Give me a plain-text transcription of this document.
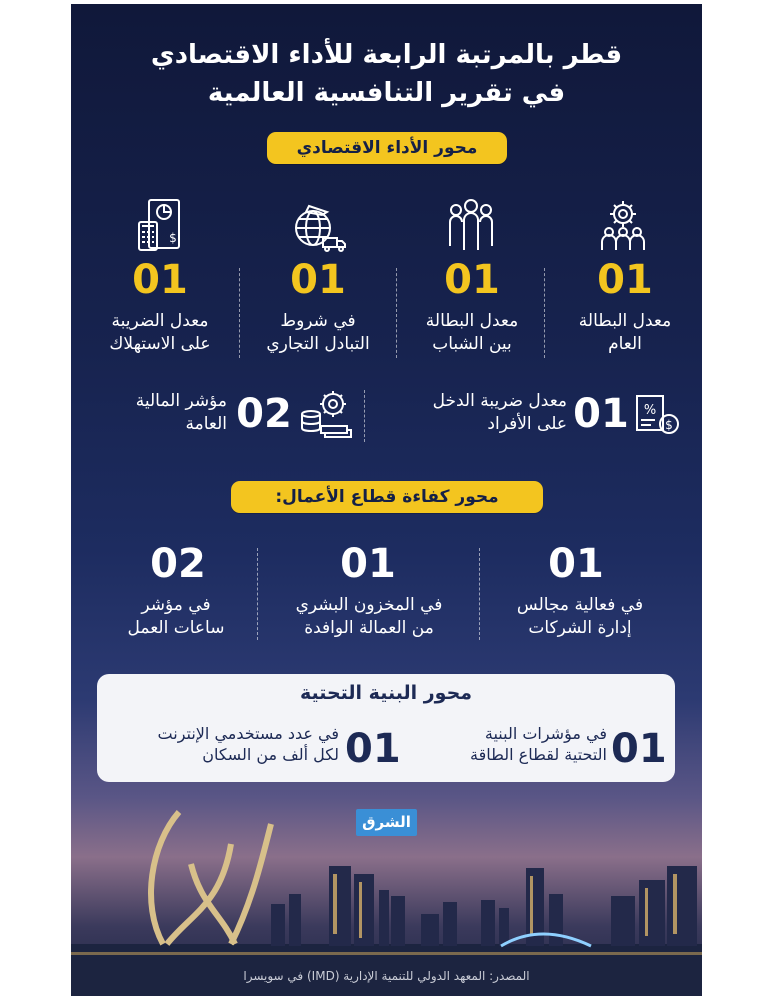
قطر بالمرتبة الرابعة للأداء الاقتصادي
في تقرير التنافسية العالمية
محور الأداء الاقتصادي
$
01
01
01
01
معدل البطالة
العام
معدل البطالة
بين الشباب
في شروط
التبادل التجاري
معدل الضريبة
على الاستهلاك
%
$
01
معدل ضريبة الدخل
على الأفراد
02
مؤشر المالية
العامة
محور كفاءة قطاع الأعمال:
01
01
02
في فعالية مجالس
إدارة الشركات
في المخزون البشري
من العمالة الوافدة
في مؤشر
ساعات العمل
محور البنية التحتية
01
في مؤشرات البنية
التحتية لقطاع الطاقة
01
في عدد مستخدمي الإنترنت
لكل ألف من السكان
الشرق
المصدر: المعهد الدولي للتنمية الإدارية (IMD) في سويسرا
